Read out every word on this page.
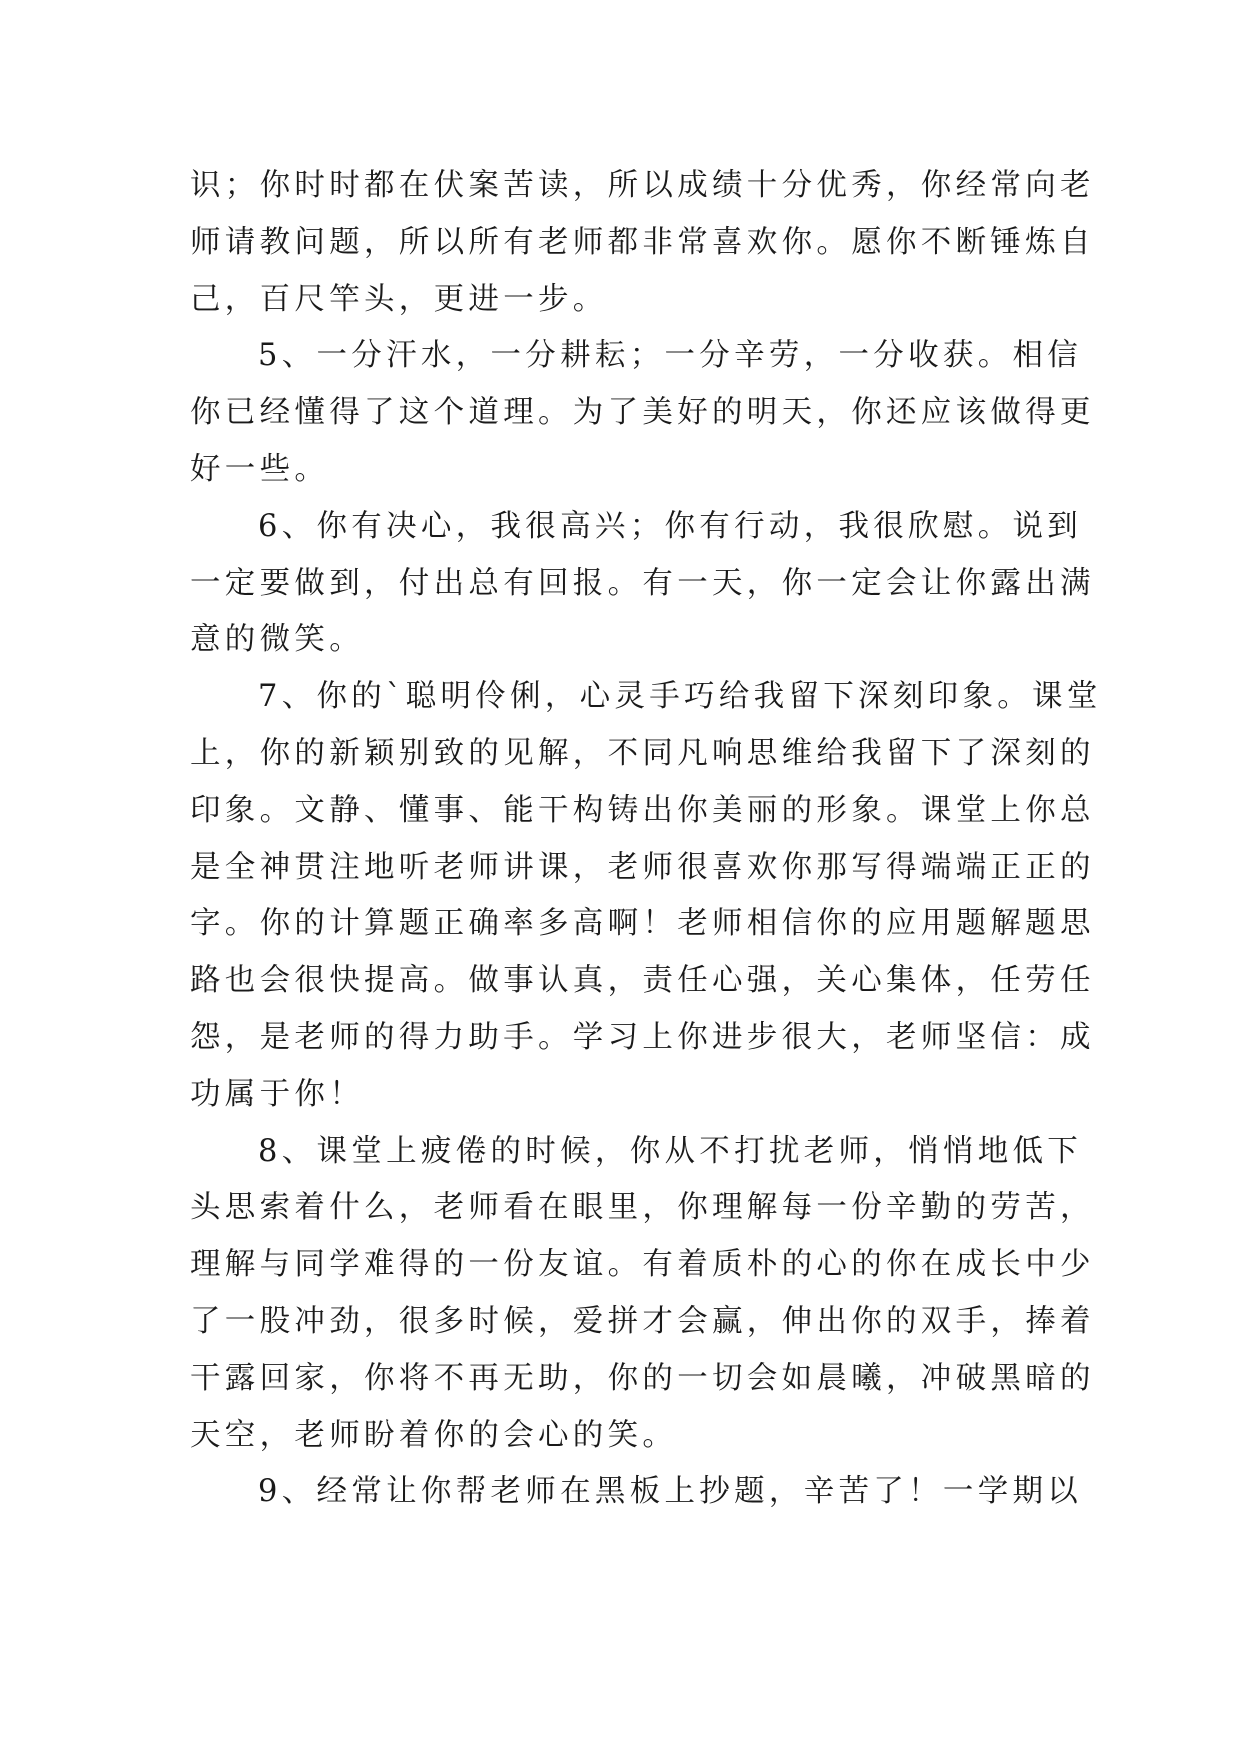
识；你时时都在伏案苦读，所以成绩十分优秀，你经常向老
师请教问题，所以所有老师都非常喜欢你。愿你不断锤炼自
己，百尺竿头，更进一步。
5、一分汗水，一分耕耘；一分辛劳，一分收获。相信
你已经懂得了这个道理。为了美好的明天，你还应该做得更
好一些。
6、你有决心，我很高兴；你有行动，我很欣慰。说到
一定要做到，付出总有回报。有一天，你一定会让你露出满
意的微笑。
7、你的`聪明伶俐，心灵手巧给我留下深刻印象。课堂
上，你的新颖别致的见解，不同凡响思维给我留下了深刻的
印象。文静、懂事、能干构铸出你美丽的形象。课堂上你总
是全神贯注地听老师讲课，老师很喜欢你那写得端端正正的
字。你的计算题正确率多高啊！老师相信你的应用题解题思
路也会很快提高。做事认真，责任心强，关心集体，任劳任
怨，是老师的得力助手。学习上你进步很大，老师坚信：成
功属于你！
8、课堂上疲倦的时候，你从不打扰老师，悄悄地低下
头思索着什么，老师看在眼里，你理解每一份辛勤的劳苦，
理解与同学难得的一份友谊。有着质朴的心的你在成长中少
了一股冲劲，很多时候，爱拼才会赢，伸出你的双手，捧着
干露回家，你将不再无助，你的一切会如晨曦，冲破黑暗的
天空，老师盼着你的会心的笑。
9、经常让你帮老师在黑板上抄题，辛苦了！一学期以
